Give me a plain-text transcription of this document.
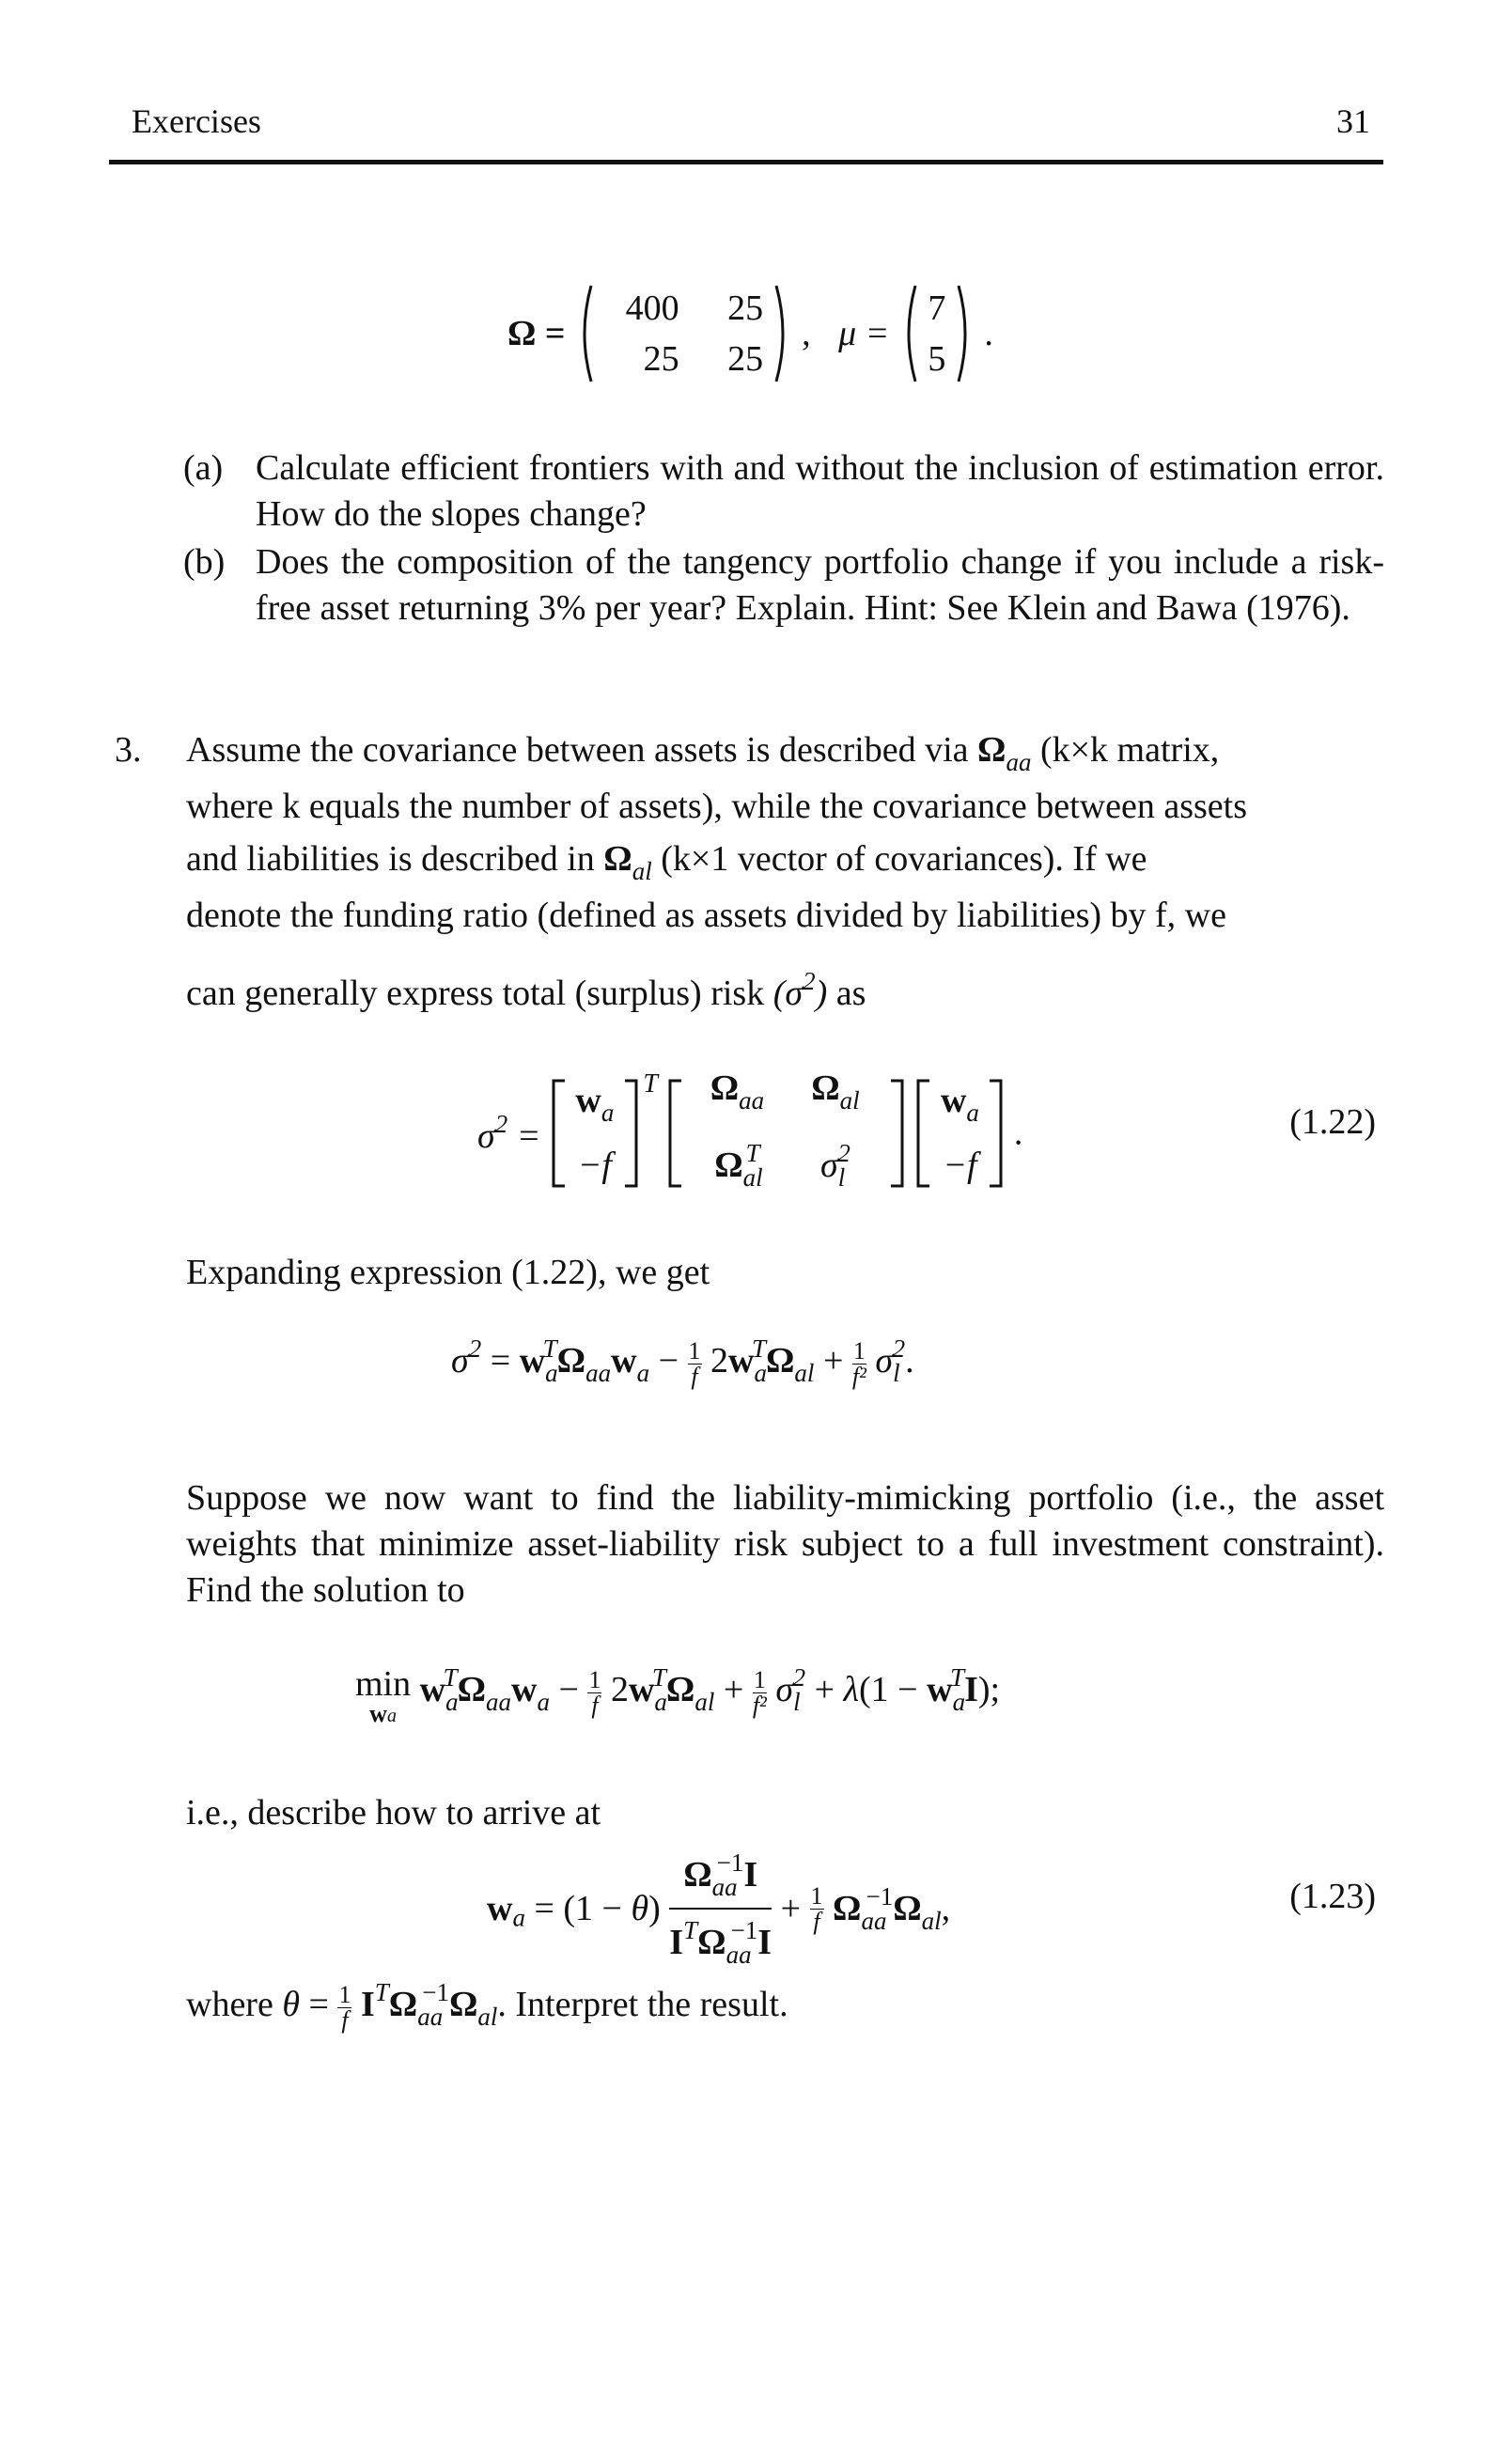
Exercises	31
Ω =
400 25
25 25
, μ =
7
5
.
(a) Calculate efficient frontiers with and without the inclusion of estimation error. How do the slopes change?
(b) Does the composition of the tangency portfolio change if you include a risk-free asset returning 3% per year? Explain. Hint: See Klein and Bawa (1976).
3. Assume the covariance between assets is described via $\Omega_{aa}$ (k×k matrix,
where k equals the number of assets), while the covariance between assets
and liabilities is described in $\Omega_{al}$ (k×1 vector of covariances). If we
denote the funding ratio (defined as assets divided by liabilities) by f, we
can generally express total (surplus) risk $(\sigma^2)$ as
$\sigma^2$ =
$w_a$
−f
$^T$	$\Omega_{aa}$ $\Omega_{al}$
$\Omega_{al}^T$ $\sigma_l^2$

$w_a$
−f
.	(1.22)
Expanding expression (1.22), we get
$\sigma^2 = w_a^T\Omega_{aa}w_a - \frac{1}{f} 2w_a^T\Omega_{al} + \frac{1}{\text{f²}} \sigma_l^2$.
Suppose we now want to find the liability-mimicking portfolio (i.e., the asset weights that minimize asset-liability risk subject to a full investment constraint). Find the solution to
min
wa
$w_a^T\Omega_{aa}w_a - \frac{1}{f} 2w_a^T\Omega_{al} + \frac{1}{\text{f²}} \sigma_l^2 + \lambda(1 - w_a^TI)$;
i.e., describe how to arrive at
$w_a = (1 - \theta) \frac{\Omega_{aa}^{-1}I}{I^T\Omega_{aa}^{-1}I} + \frac{1}{f} \Omega_{aa}^{-1}\Omega_{al}$,	(1.23)
where $\theta = \frac{1}{f} I^T\Omega_{aa}^{-1}\Omega_{al}$. Interpret the result.
